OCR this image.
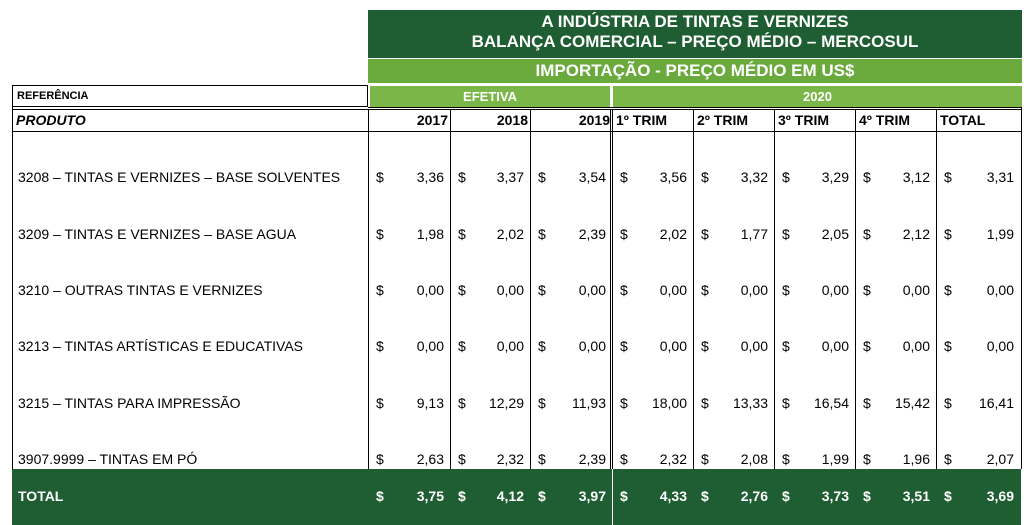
A INDÚSTRIA DE TINTAS E VERNIZES
BALANÇA COMERCIAL – PREÇO MÉDIO – MERCOSUL
IMPORTAÇÃO - PREÇO MÉDIO EM US$
REFERÊNCIA	EFETIVA	2020
PRODUTO	2017	2018	2019 1º TRIM	2º TRIM	3º TRIM	4º TRIM	TOTAL
3208 – TINTAS E VERNIZES – BASE SOLVENTES	$	3,36 $	3,37 $	3,54 $	3,56 $	3,32 $	3,29 $	3,12 $	3,31
3209 – TINTAS E VERNIZES – BASE AGUA	$	1,98 $	2,02 $	2,39 $	2,02 $	1,77 $	2,05 $	2,12 $	1,99
3210 – OUTRAS TINTAS E VERNIZES	$	0,00 $	0,00 $	0,00 $	0,00 $	0,00 $	0,00 $	0,00 $	0,00
3213 – TINTAS ARTÍSTICAS E EDUCATIVAS	$	0,00 $	0,00 $	0,00 $	0,00 $	0,00 $	0,00 $	0,00 $	0,00
3215 – TINTAS PARA IMPRESSÃO	$	9,13 $	12,29 $	11,93 $	18,00 $	13,33 $	16,54 $	15,42 $	16,41
3907.9999 – TINTAS EM PÓ	$	2,63 $	2,32 $	2,39 $	2,32 $	2,08 $	1,99 $	1,96 $	2,07
TOTAL	$	3,75 $	4,12 $	3,97 $	4,33 $	2,76 $	3,73 $	3,51 $	3,69
